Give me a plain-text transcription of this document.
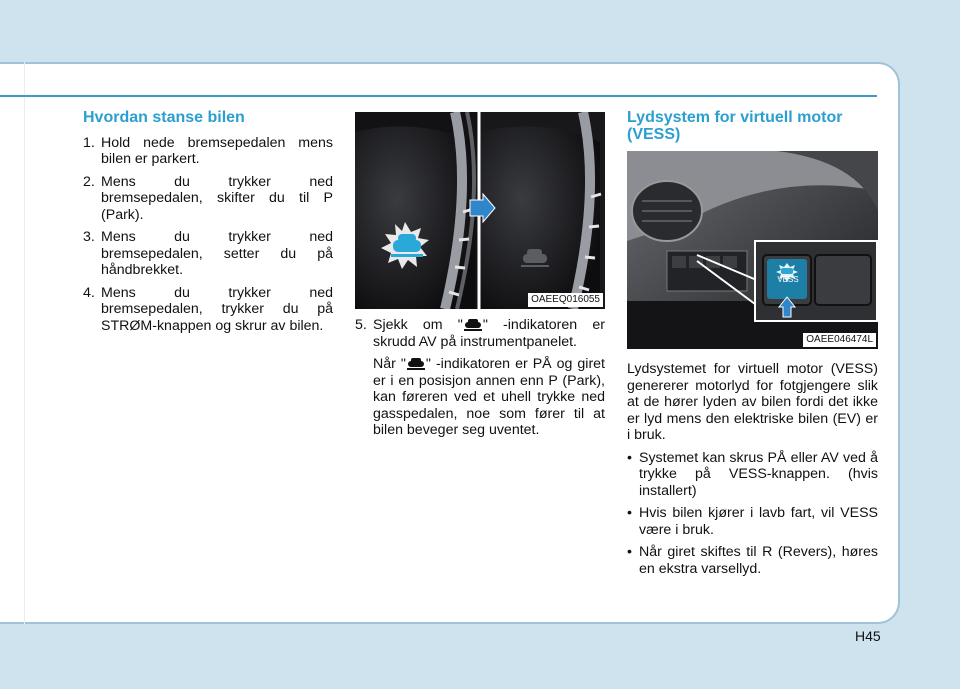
Hvordan stanse bilen
1. Hold nede bremsepedalen mens bilen er parkert.
2. Mens du trykker ned bremsepedalen, skifter du til P (Park).
3. Mens du trykker ned bremsepedalen, setter du på håndbrekket.
4. Mens du trykker ned bremsepedalen, trykker du på STRØM-knappen og skrur av bilen.
OAEEQ016055
5. Sjekk om " " -indikatoren er skrudd AV på instrumentpanelet.

Når " " -indikatoren er PÅ og giret er i en posisjon annen enn P (Park), kan føreren ved et uhell trykke ned gasspedalen, noe som fører til at bilen beveger seg uventet.

Lydsystem for virtuell motor (VESS)
VESS
OAEE046474L

Lydsystemet for virtuell motor (VESS) genererer motorlyd for fotgjengere slik at de hører lyden av bilen fordi det ikke er lyd mens den elektriske bilen (EV) er i bruk.

• Systemet kan skrus PÅ eller AV ved å trykke på VESS-knappen. (hvis installert)
• Hvis bilen kjører i lavb fart, vil VESS være i bruk.
• Når giret skiftes til R (Revers), høres en ekstra varsellyd.
H45
